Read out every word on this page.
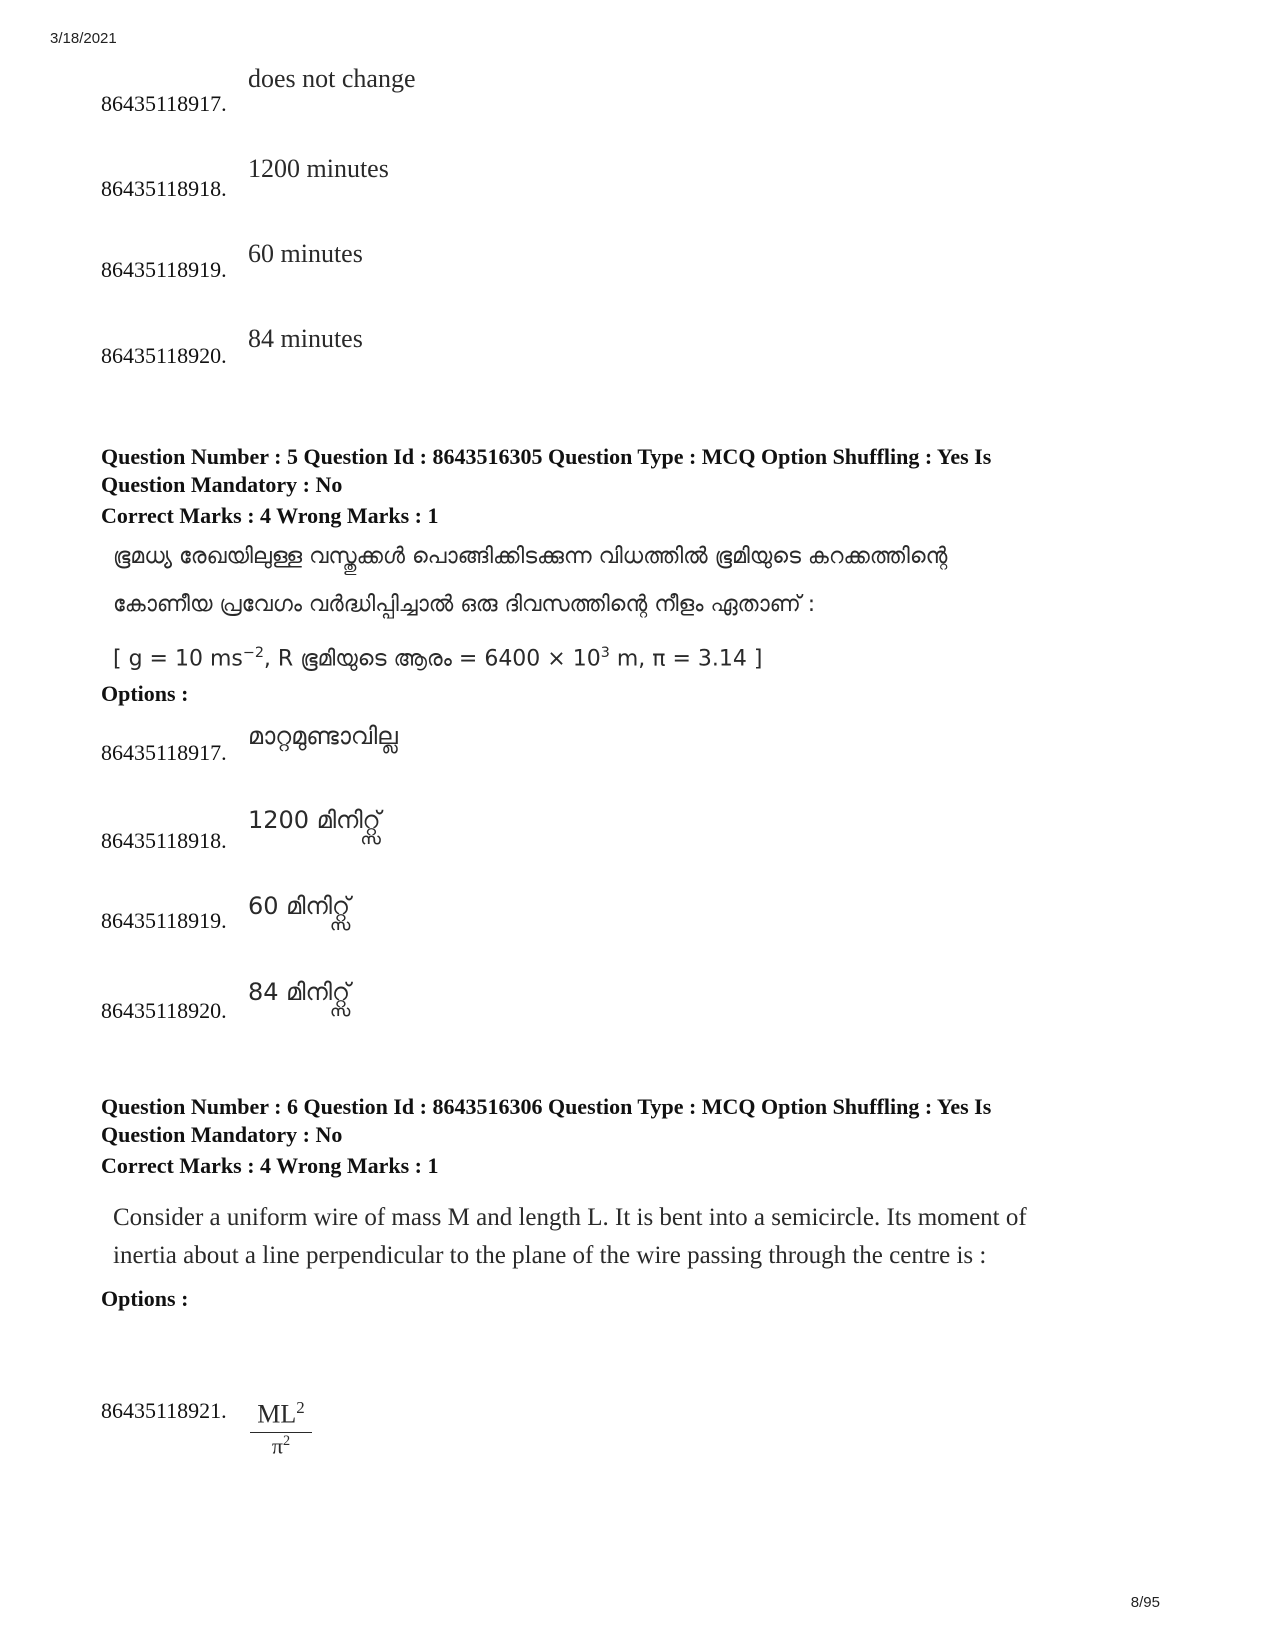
3/18/2021
does not change
86435118917.
1200 minutes
86435118918.
60 minutes
86435118919.
84 minutes
86435118920.
Question Number : 5 Question Id : 8643516305 Question Type : MCQ Option Shuffling : Yes Is
Question Mandatory : No
Correct Marks : 4 Wrong Marks : 1
ഭൂമധ്യ രേഖയിലുള്ള വസ്തുക്കൾ പൊങ്ങിക്കിടക്കുന്ന വിധത്തിൽ ഭൂമിയുടെ കറക്കത്തിന്റെ
കോണീയ പ്രവേഗം വർദ്ധിപ്പിച്ചാൽ ഒരു ദിവസത്തിന്റെ നീളം ഏതാണ് :
[ g = 10 $ms^{-2}$, R ഭൂമിയുടെ ആരം = $6400 \times 10^3$ m, π = 3.14 ]
Options :
മാറ്റമുണ്ടാവില്ല
86435118917.
1200 മിനിറ്റ്സ്
86435118918.
60 മിനിറ്റ്സ്
86435118919.
84 മിനിറ്റ്സ്
86435118920.
Question Number : 6 Question Id : 8643516306 Question Type : MCQ Option Shuffling : Yes Is
Question Mandatory : No
Correct Marks : 4 Wrong Marks : 1
Consider a uniform wire of mass M and length L. It is bent into a semicircle. Its moment of
inertia about a line perpendicular to the plane of the wire passing through the centre is :
Options :
$ML^2$
$\pi^2$
86435118921.
8/95
